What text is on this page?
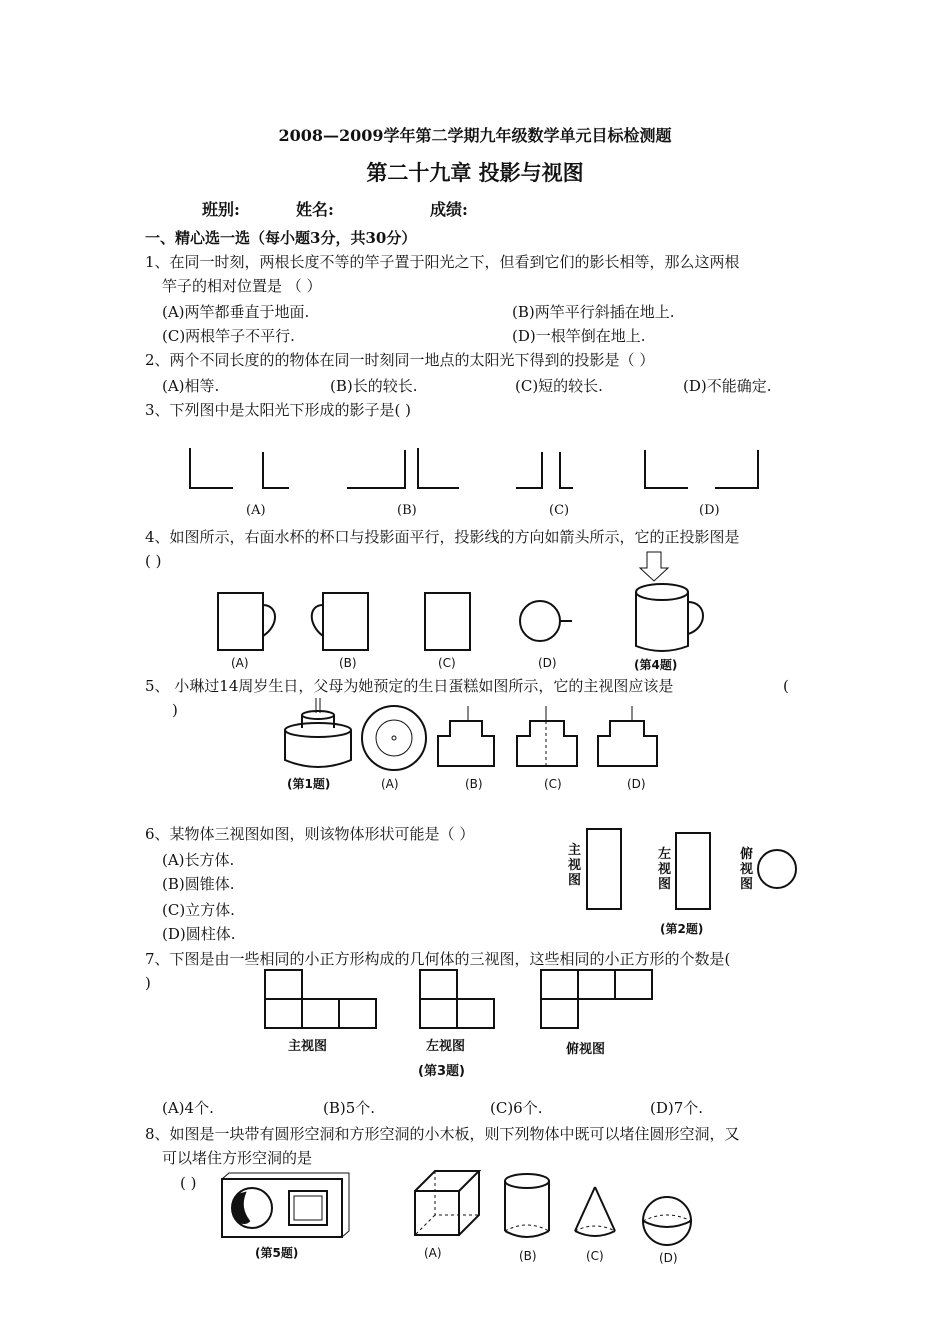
2008—2009学年第二学期九年级数学单元目标检测题
第二十九章 投影与视图
班别:	姓名:	成绩:
一、精心选一选（每小题3分，共30分）
1、在同一时刻，两根长度不等的竿子置于阳光之下，但看到它们的影长相等，那么这两根
竿子的相对位置是 （ ）
(A)两竿都垂直于地面.	(B)两竿平行斜插在地上.
(C)两根竿子不平行.	(D)一根竿倒在地上.
2、两个不同长度的的物体在同一时刻同一地点的太阳光下得到的投影是（ ）
(A)相等.	(B)长的较长.	(C)短的较长.	(D)不能确定.
3、下列图中是太阳光下形成的影子是( )
(A)	(B)	(C)	(D)
4、如图所示，右面水杯的杯口与投影面平行，投影线的方向如箭头所示，它的正投影图是
( )
(A)	(B)	(C)	(D)	(第4题)
5、 小琳过14周岁生日，父母为她预定的生日蛋糕如图所示，它的主视图应该是	(
)
(第1题)	(A)	(B)	(C)	(D)
6、某物体三视图如图，则该物体形状可能是（ ）
(A)长方体.
(B)圆锥体.
(C)立方体.
(D)圆柱体.
主
视
图
左
视
图
俯
视
图
(第2题)
7、下图是由一些相同的小正方形构成的几何体的三视图，这些相同的小正方形的个数是(
)
主视图	左视图	俯视图
(第3题)
(A)4个.	(B)5个.	(C)6个.	(D)7个.
8、如图是一块带有圆形空洞和方形空洞的小木板，则下列物体中既可以堵住圆形空洞，又
可以堵住方形空洞的是
( )
(第5题)	(A)	(B)	(C)	(D)
